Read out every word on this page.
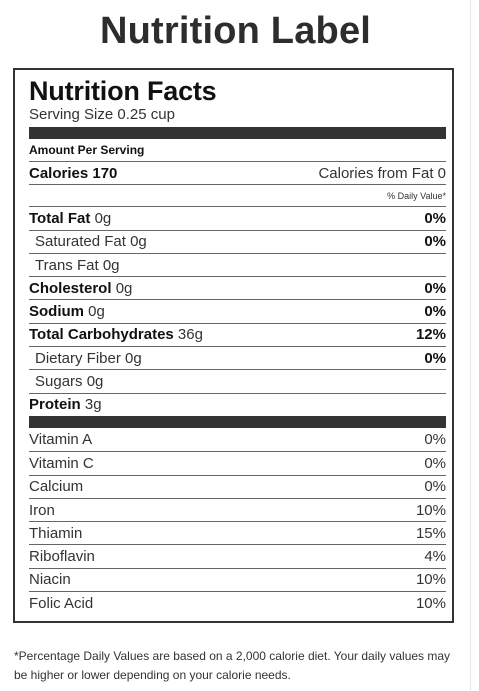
Nutrition Label
Nutrition Facts
Serving Size 0.25 cup
Amount Per Serving
Calories 170	Calories from Fat 0
% Daily Value*
Total Fat 0g	0%
Saturated Fat 0g	0%
Trans Fat 0g
Cholesterol 0g	0%
Sodium 0g	0%
Total Carbohydrates 36g	12%
Dietary Fiber 0g	0%
Sugars 0g
Protein 3g
Vitamin A	0%
Vitamin C	0%
Calcium	0%
Iron	10%
Thiamin	15%
Riboflavin	4%
Niacin	10%
Folic Acid	10%
*Percentage Daily Values are based on a 2,000 calorie diet. Your daily values may be higher or lower depending on your calorie needs.
